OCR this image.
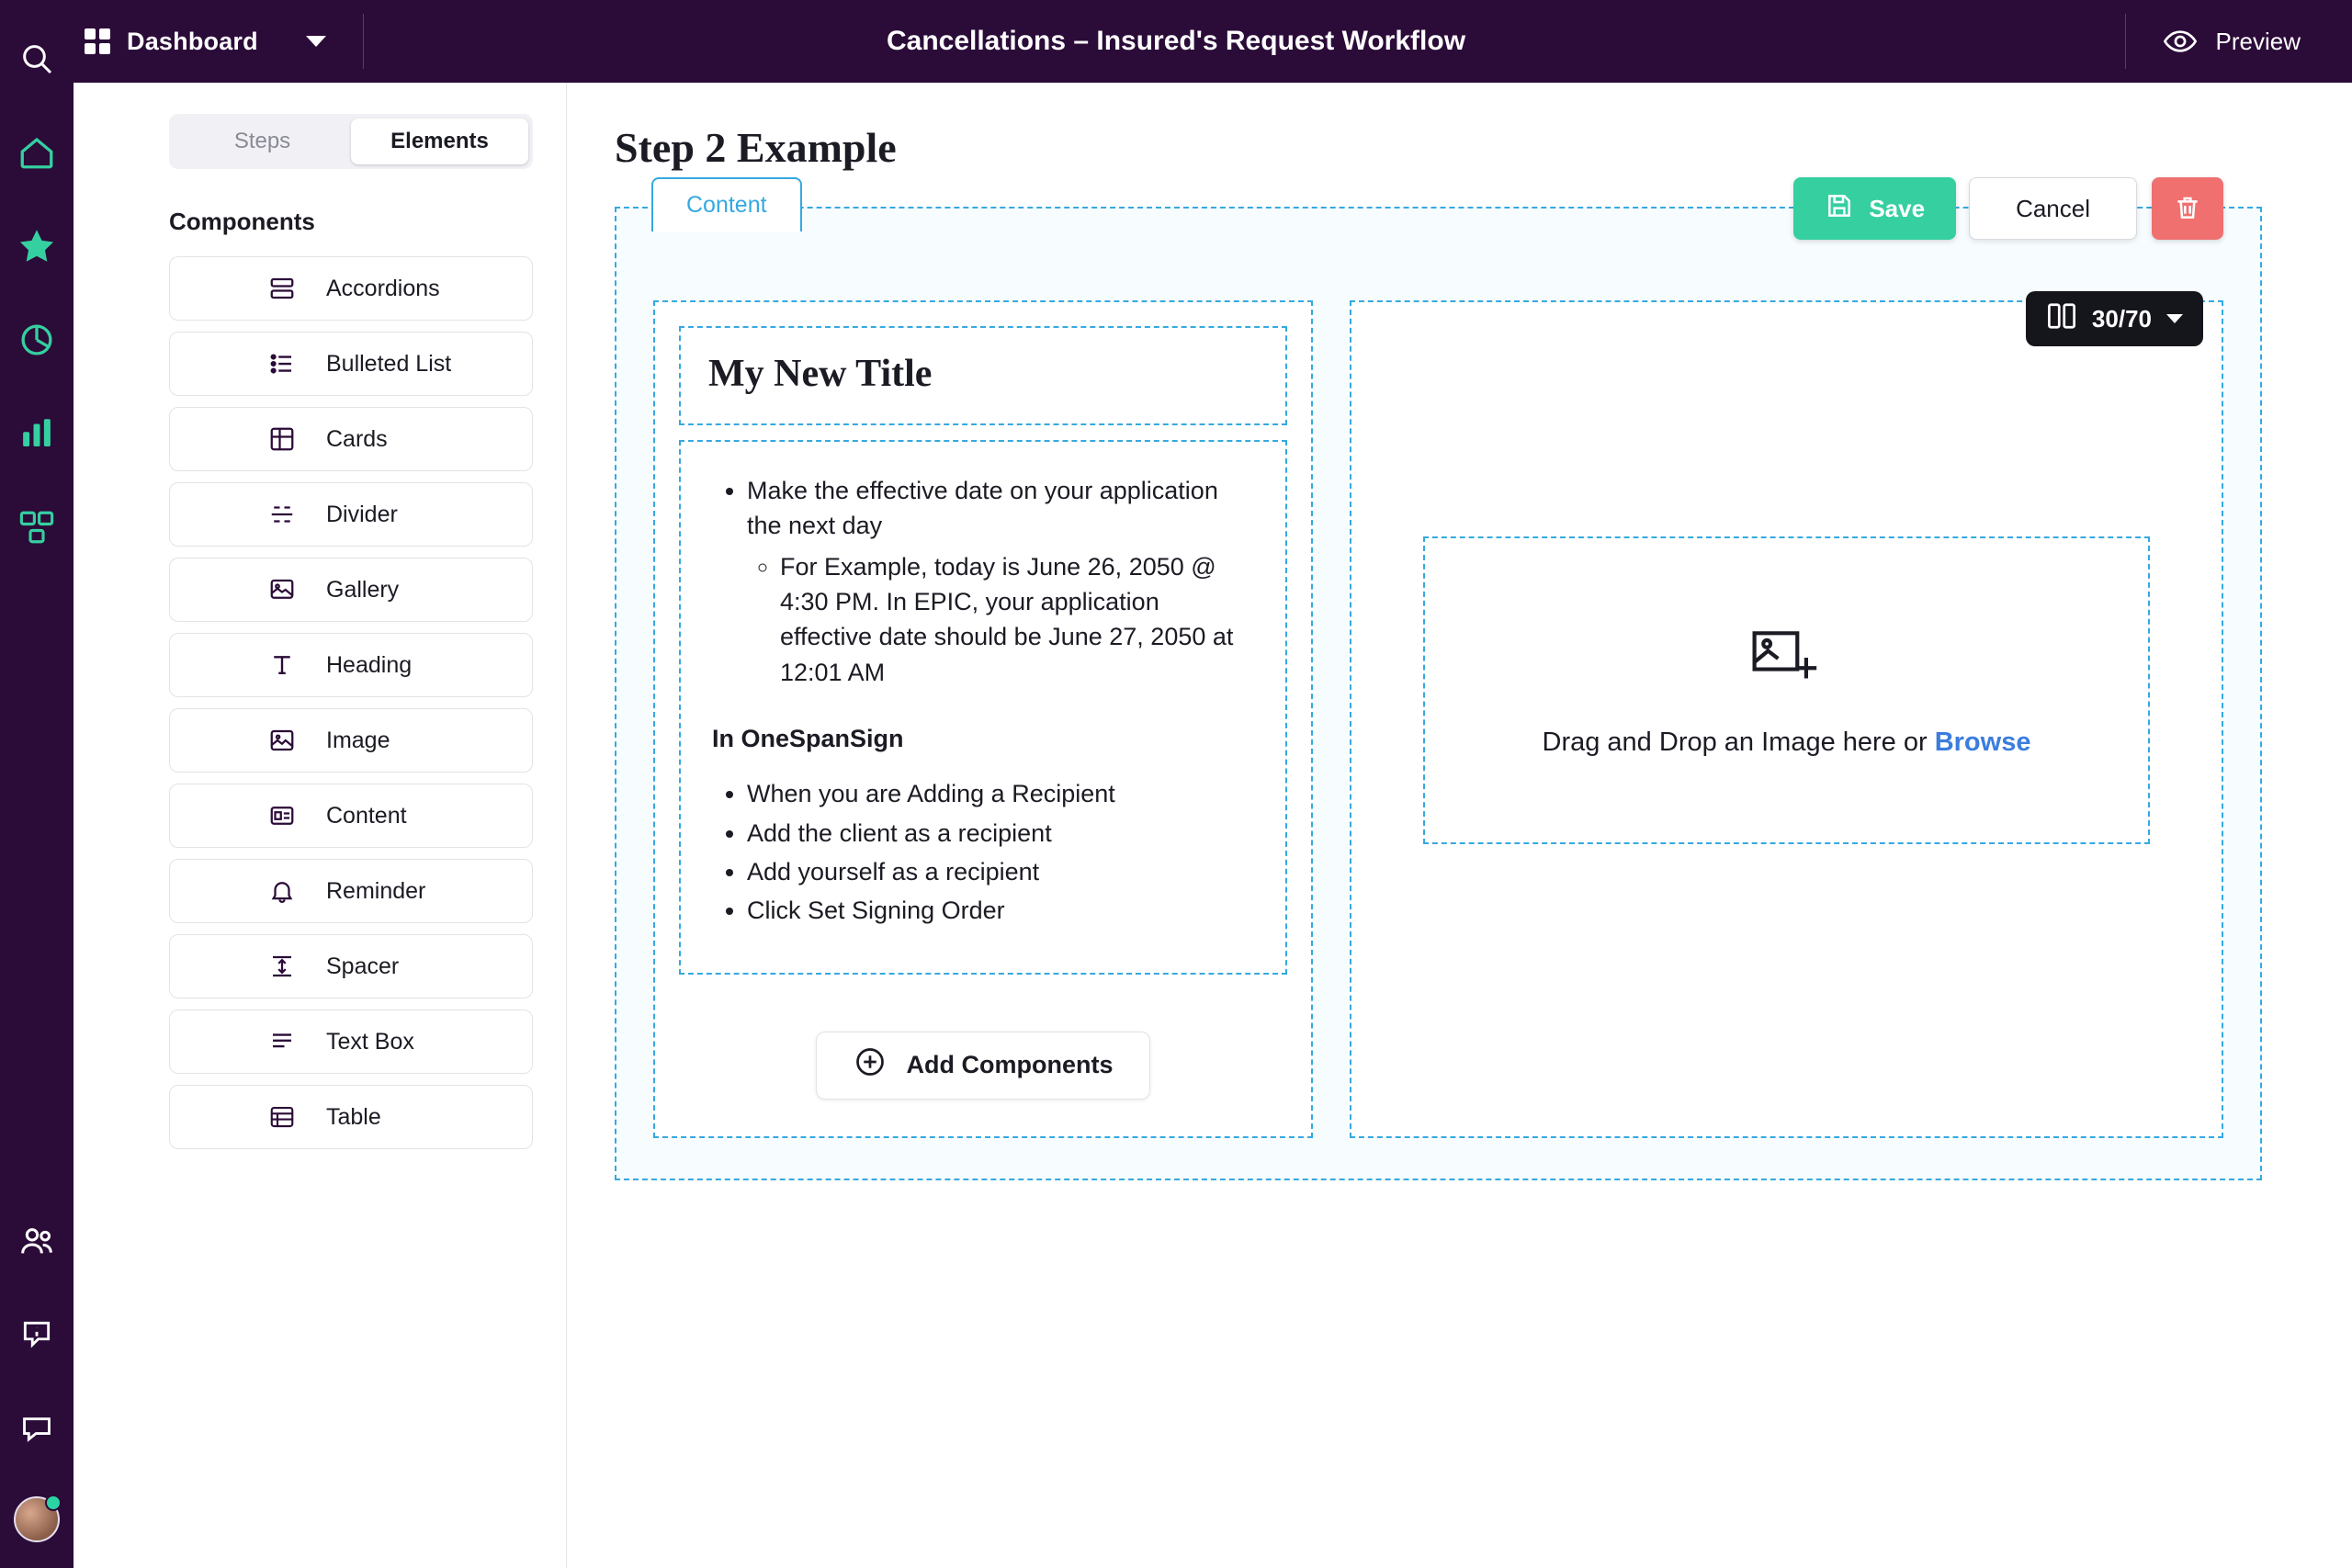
Dashboard	Cancellations – Insured's Request Workflow	Preview
Steps	Elements
Components
Accordions
Bulleted List
Cards
Divider
Gallery
Heading
Image
Content
Reminder
Spacer
Text Box
Table
Step 2 Example
Content	Save	Cancel
30/70
My New Title
• Make the effective date on your application the next day
◦ For Example, today is June 26, 2050 @ 4:30 PM. In EPIC, your application effective date should be June 27, 2050 at 12:01 AM
In OneSpanSign
• When you are Adding a Recipient
• Add the client as a recipient
• Add yourself as a recipient
• Click Set Signing Order
Add Components
Drag and Drop an Image here or Browse
